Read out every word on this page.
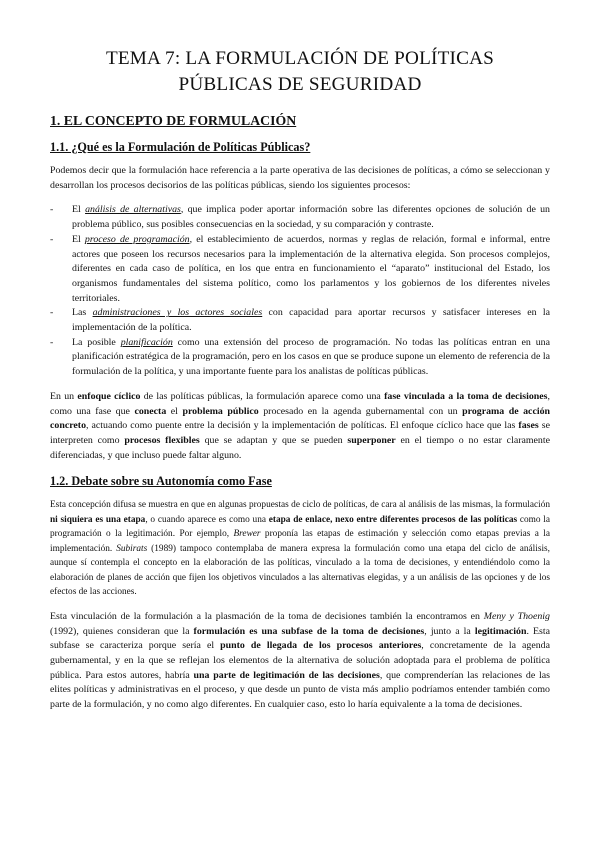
TEMA 7: LA FORMULACIÓN DE POLÍTICAS
PÚBLICAS DE SEGURIDAD
1. EL CONCEPTO DE FORMULACIÓN
1.1. ¿Qué es la Formulación de Políticas Públicas?

Podemos decir que la formulación hace referencia a la parte operativa de las decisiones de políticas, a cómo se seleccionan y desarrollan los procesos decisorios de las políticas públicas, siendo los siguientes procesos:

- El análisis de alternativas, que implica poder aportar información sobre las diferentes opciones de solución de un problema público, sus posibles consecuencias en la sociedad, y su comparación y contraste.
- El proceso de programación, el establecimiento de acuerdos, normas y reglas de relación, formal e informal, entre actores que poseen los recursos necesarios para la implementación de la alternativa elegida. Son procesos complejos, diferentes en cada caso de política, en los que entra en funcionamiento el “aparato” institucional del Estado, los organismos fundamentales del sistema político, como los parlamentos y los gobiernos de los diferentes niveles territoriales.
- Las administraciones y los actores sociales con capacidad para aportar recursos y satisfacer intereses en la implementación de la política.
- La posible planificación como una extensión del proceso de programación. No todas las políticas entran en una planificación estratégica de la programación, pero en los casos en que se produce supone un elemento de referencia de la formulación de la política, y una importante fuente para los analistas de políticas públicas.

En un enfoque cíclico de las políticas públicas, la formulación aparece como una fase vinculada a la toma de decisiones, como una fase que conecta el problema público procesado en la agenda gubernamental con un programa de acción concreto, actuando como puente entre la decisión y la implementación de políticas. El enfoque cíclico hace que las fases se interpreten como procesos flexibles que se adaptan y que se pueden superponer en el tiempo o no estar claramente diferenciadas, y que incluso puede faltar alguno.

1.2. Debate sobre su Autonomía como Fase

Esta concepción difusa se muestra en que en algunas propuestas de ciclo de políticas, de cara al análisis de las mismas, la formulación ni siquiera es una etapa, o cuando aparece es como una etapa de enlace, nexo entre diferentes procesos de las políticas como la programación o la legitimación. Por ejemplo, Brewer proponía las etapas de estimación y selección como etapas previas a la implementación. Subirats (1989) tampoco contemplaba de manera expresa la formulación como una etapa del ciclo de análisis, aunque sí contempla el concepto en la elaboración de las políticas, vinculado a la toma de decisiones, y entendiéndolo como la elaboración de planes de acción que fijen los objetivos vinculados a las alternativas elegidas, y a un análisis de las opciones y de los efectos de las acciones.

Esta vinculación de la formulación a la plasmación de la toma de decisiones también la encontramos en Meny y Thoenig (1992), quienes consideran que la formulación es una subfase de la toma de decisiones, junto a la legitimación. Esta subfase se caracteriza porque sería el punto de llegada de los procesos anteriores, concretamente de la agenda gubernamental, y en la que se reflejan los elementos de la alternativa de solución adoptada para el problema de política pública. Para estos autores, habría una parte de legitimación de las decisiones, que comprenderían las relaciones de las elites políticas y administrativas en el proceso, y que desde un punto de vista más amplio podríamos entender también como parte de la formulación, y no como algo diferentes. En cualquier caso, esto lo haría equivalente a la toma de decisiones.
